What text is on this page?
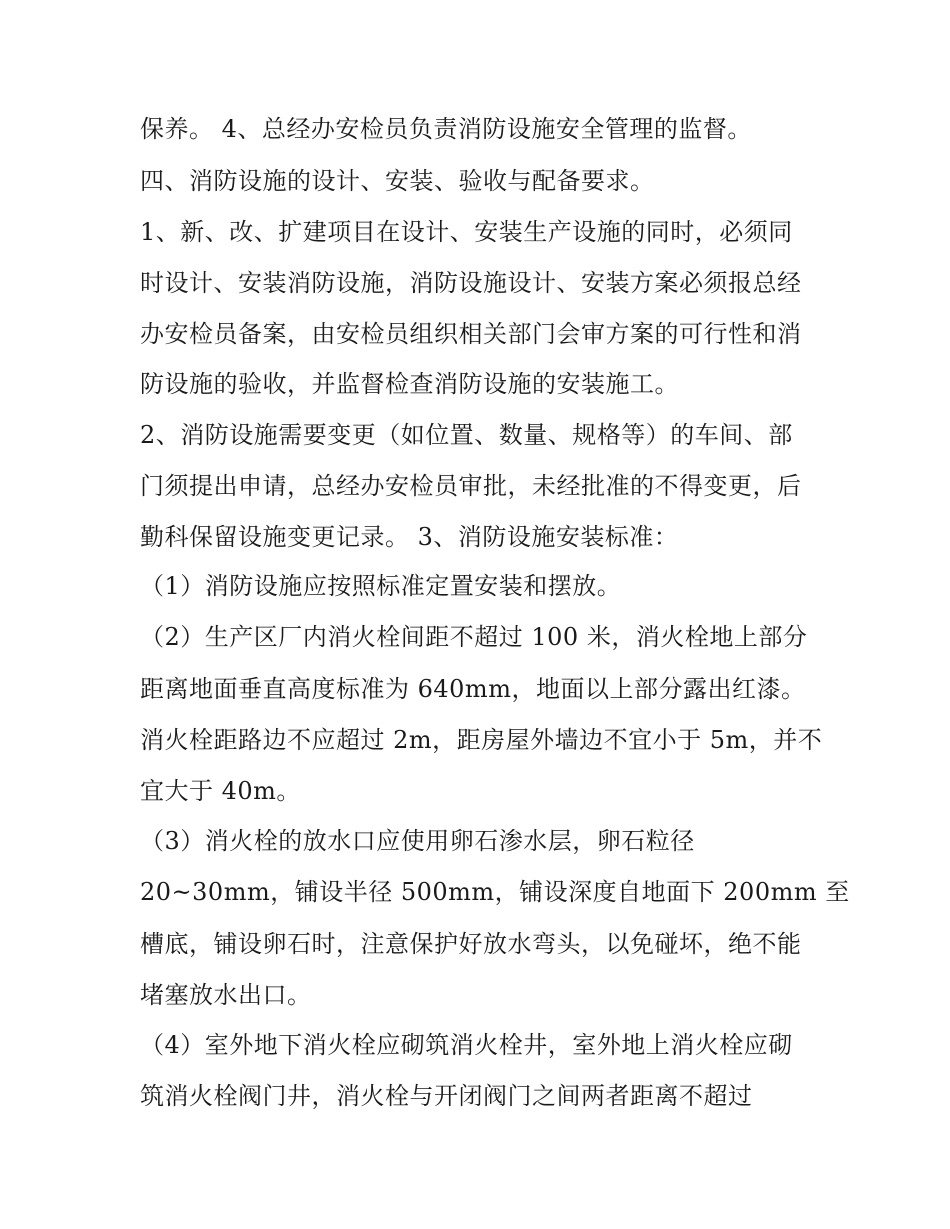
保养。 4、总经办安检员负责消防设施安全管理的监督。

四、消防设施的设计、安装、验收与配备要求。

1、新、改、扩建项目在设计、安装生产设施的同时，必须同

时设计、安装消防设施，消防设施设计、安装方案必须报总经

办安检员备案，由安检员组织相关部门会审方案的可行性和消

防设施的验收，并监督检查消防设施的安装施工。

2、消防设施需要变更（如位置、数量、规格等）的车间、部

门须提出申请，总经办安检员审批，未经批准的不得变更，后

勤科保留设施变更记录。 3、消防设施安装标准：

（1）消防设施应按照标准定置安装和摆放。

（2）生产区厂内消火栓间距不超过 100 米，消火栓地上部分

距离地面垂直高度标准为 640mm，地面以上部分露出红漆。

消火栓距路边不应超过 2m，距房屋外墙边不宜小于 5m，并不

宜大于 40m。

（3）消火栓的放水口应使用卵石渗水层，卵石粒径

20~30mm，铺设半径 500mm，铺设深度自地面下 200mm 至

槽底，铺设卵石时，注意保护好放水弯头，以免碰坏，绝不能

堵塞放水出口。

（4）室外地下消火栓应砌筑消火栓井，室外地上消火栓应砌

筑消火栓阀门井，消火栓与开闭阀门之间两者距离不超过
